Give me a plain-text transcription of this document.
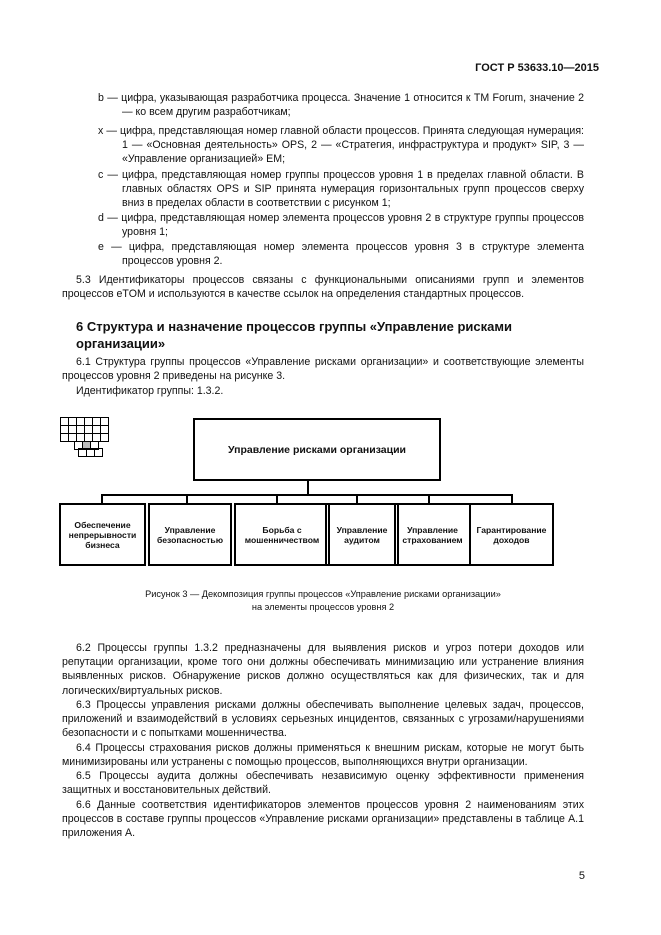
ГОСТ Р 53633.10—2015
b — цифра, указывающая разработчика процесса. Значение 1 относится к TM Forum, значение 2 — ко всем другим разработчикам;
x — цифра, представляющая номер главной области процессов. Принята следующая нумерация: 1 — «Основная деятельность» OPS, 2 — «Стратегия, инфраструктура и продукт» SIP, 3 — «Управление организацией» EM;
c — цифра, представляющая номер группы процессов уровня 1 в пределах главной области. В главных областях OPS и SIP принята нумерация горизонтальных групп процессов сверху вниз в пределах области в соответствии с рисунком 1;
d — цифра, представляющая номер элемента процессов уровня 2 в структуре группы процессов уровня 1;
e — цифра, представляющая номер элемента процессов уровня 3 в структуре элемента процессов уровня 2.
5.3 Идентификаторы процессов связаны с функциональными описаниями групп и элементов процессов eTOM и используются в качестве ссылок на определения стандартных процессов.
6 Структура и назначение процессов группы «Управление рисками организации»
6.1 Структура группы процессов «Управление рисками организации» и соответствующие элементы процессов уровня 2 приведены на рисунке 3.
Идентификатор группы: 1.3.2.
Управление рисками организации
Обеспечение непрерывности бизнеса
Управление безопасностью
Борьба с мошенничеством
Управление аудитом
Управление страхованием
Гарантирование доходов
Рисунок 3 — Декомпозиция группы процессов «Управление рисками организации»
на элементы процессов уровня 2
6.2 Процессы группы 1.3.2 предназначены для выявления рисков и угроз потери доходов или репутации организации, кроме того они должны обеспечивать минимизацию или устранение влияния выявленных рисков. Обнаружение рисков должно осуществляться как для физических, так и для логических/виртуальных рисков.
6.3 Процессы управления рисками должны обеспечивать выполнение целевых задач, процессов, приложений и взаимодействий в условиях серьезных инцидентов, связанных с угрозами/нарушениями безопасности и с попытками мошенничества.
6.4 Процессы страхования рисков должны применяться к внешним рискам, которые не могут быть минимизированы или устранены с помощью процессов, выполняющихся внутри организации.
6.5 Процессы аудита должны обеспечивать независимую оценку эффективности применения защитных и восстановительных действий.
6.6 Данные соответствия идентификаторов элементов процессов уровня 2 наименованиям этих процессов в составе группы процессов «Управление рисками организации» представлены в таблице А.1 приложения А.
5
